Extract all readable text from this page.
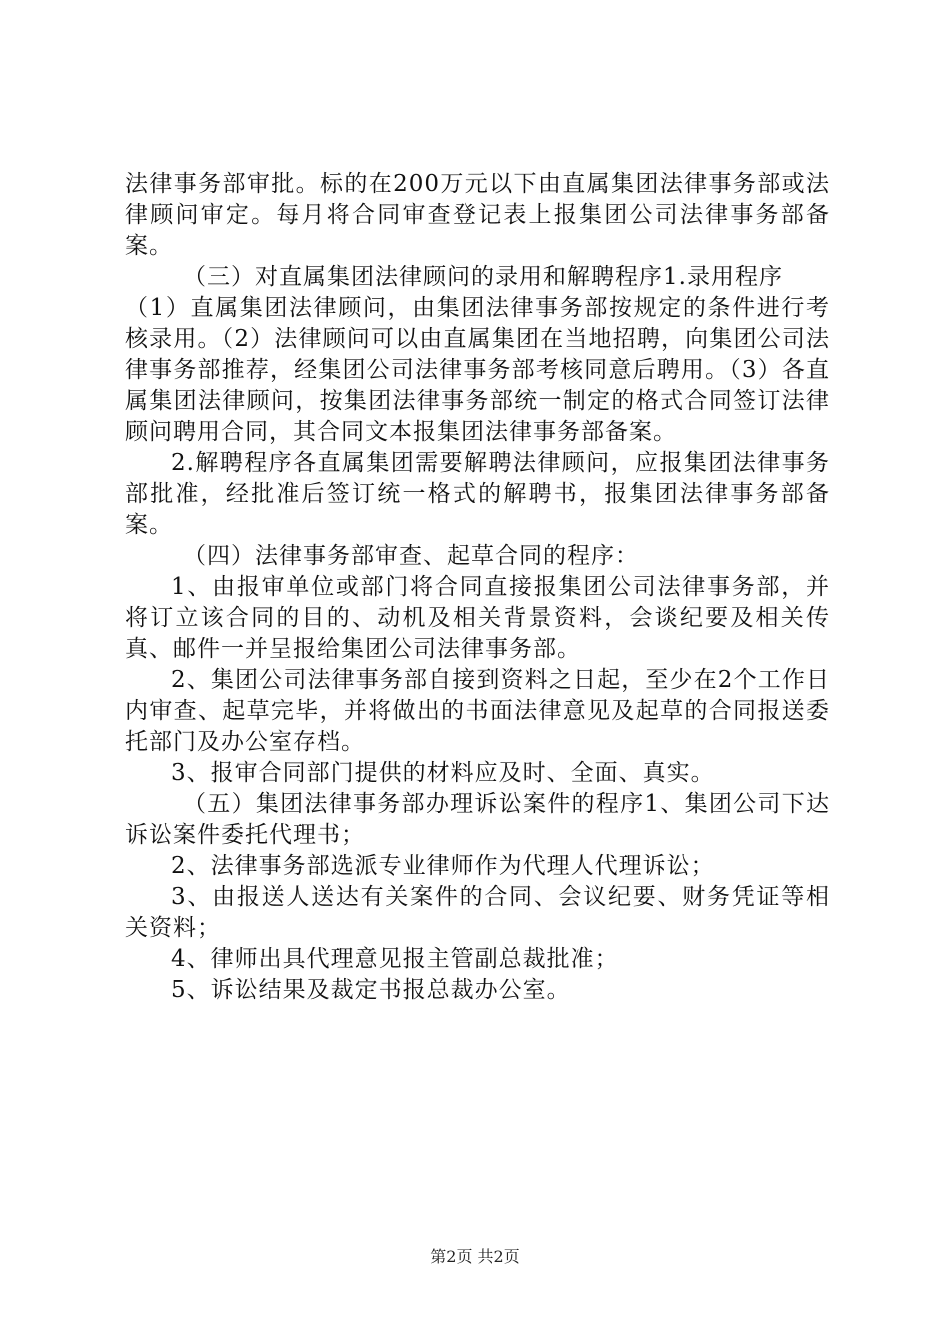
法律事务部审批。标的在200万元以下由直属集团法律事务部或法律顾问审定。每月将合同审查登记表上报集团公司法律事务部备案。

（三）对直属集团法律顾问的录用和解聘程序1.录用程序

（1）直属集团法律顾问，由集团法律事务部按规定的条件进行考核录用。（2）法律顾问可以由直属集团在当地招聘，向集团公司法律事务部推荐，经集团公司法律事务部考核同意后聘用。（3）各直属集团法律顾问，按集团法律事务部统一制定的格式合同签订法律顾问聘用合同，其合同文本报集团法律事务部备案。

2.解聘程序各直属集团需要解聘法律顾问，应报集团法律事务部批准，经批准后签订统一格式的解聘书，报集团法律事务部备案。

（四）法律事务部审查、起草合同的程序：

1、由报审单位或部门将合同直接报集团公司法律事务部，并将订立该合同的目的、动机及相关背景资料，会谈纪要及相关传真、邮件一并呈报给集团公司法律事务部。

2、集团公司法律事务部自接到资料之日起，至少在2个工作日内审查、起草完毕，并将做出的书面法律意见及起草的合同报送委托部门及办公室存档。

3、报审合同部门提供的材料应及时、全面、真实。

（五）集团法律事务部办理诉讼案件的程序1、集团公司下达诉讼案件委托代理书；

2、法律事务部选派专业律师作为代理人代理诉讼；

3、由报送人送达有关案件的合同、会议纪要、财务凭证等相关资料；

4、律师出具代理意见报主管副总裁批准；

5、诉讼结果及裁定书报总裁办公室。

第2页 共2页
